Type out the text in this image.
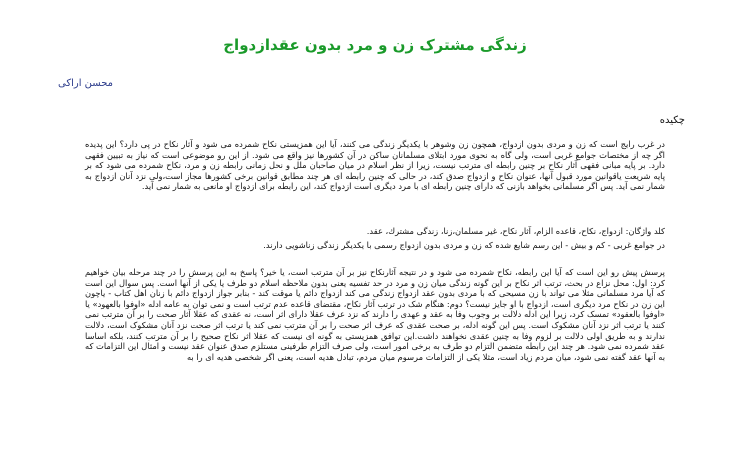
زندگی مشترک زن و مرد بدون عقدازدواج
محسن اراکی
چکیده

در غرب رایج است که زن و مردی بدون ازدواج، همچون زن وشوهر با یکدیگر زندگی می کنند، آیا این همزیستی نکاح شمرده می شود و آثار نکاح در پی دارد؟ این پدیده اگر چه از مختصات جوامع غربی است، ولی گاه به نحوی مورد ابتلای مسلمانان ساکن در آن کشورها نیز واقع می شود. از این رو موضوعی است که نیاز به تبیین فقهی دارد. بر پایه مبانی فقهی آثار نکاح بر چنین رابطه ای مترتب نیست، زیرا از نظر اسلام در میان صاحبان ملل و نحل زمانی رابطه زن و مرد، نکاح شمرده می شود که بر پایه شریعت یاقوانین مورد قبول آنها، عنوان نکاح و ازدواج صدق کند، در حالی که چنین رابطه ای هر چند مطابق قوانین برخی کشورها مجاز است،ولی نزد آنان ازدواج به شمار نمی آید. پس اگر مسلمانی بخواهد بازنی که دارای چنین رابطه ای با مرد دیگری است ازدواج کند، این رابطه برای ازدواج او مانعی به شمار نمی آید.

كلد واژگان: ازدواج، نكاح، قاعده الزام، آثار نكاح، غير مسلمان،زنا، زندگی مشترك، عقد.

در جوامع غربی - کم و بیش - این رسم شایع شده که زن و مردی بدون ازدواج رسمی با یکدیگر زندگی زناشویی دارند.

پرسش پیش رو این است که آیا این رابطه، نکاح شمرده می شود و در نتیجه آثارنکاح نیز بر آن مترتب است، یا خیر؟ پاسخ به این پرسش را در چند مرحله بیان خواهیم کرد: اول: محل نزاع در بحث، ترتب اثر نکاح بر این گونه زندگی میان زن و مرد در حد تفسیه یعنی بدون ملاحظه اسلام دو طرف یا یکی از آنها است. پس سوال این است که آیا مرد مسلمانی مثلا می تواند با زن مسیحی که با مردی بدون عقد ازدواج زندگی می کند ازدواج دائم یا موقت کند - بنابر جواز ازدواج دائم با زنان اهل کتاب - یاچون این زن در نکاح مرد دیگری است، ازدواج با او جایز نیست؟ دوم: هنگام شک در ترتب آثار نکاح، مقتضای قاعده عدم ترتب است و نمی توان به عامه ادله «اوفوا بالعهود» یا «اوفوا بالعقود» تمسک کرد، زیرا این ادله دلالت بر وجوب وفا به عقد و عهدی را دارند که نزد عرف عقلا دارای اثر است، نه عقدی که عقلا آثار صحت را بر آن مترتب نمی کنند یا ترتب اثر نزد آنان مشکوک است. پس این گونه ادله، بر صحت عقدی که عرف اثر صحت را بر آن مترتب نمی کند یا ترتب اثر صحت نزد آنان مشکوک است، دلالت ندارند و به طریق اولی دلالت بر لزوم وفا به چنین عقدی نخواهند داشت.این توافق همزیستی به گونه ای نیست که عقلا اثر نکاح صحیح را بر آن مترتب کنند، بلکه اساسا عقد شمرده نمی شود. هر چند این رابطه متضمن التزام دو طرف به برخی امور است، ولی صرف التزام طرفینی مستلزم صدق عنوان عقد نیست و امثال این التزامات که به آنها عقد گفته نمی شود، میان مردم زیاد است، مثلا یکی از التزامات مرسوم میان مردم، تبادل هدیه است، یعنی اگر شخصی هدیه ای را به
